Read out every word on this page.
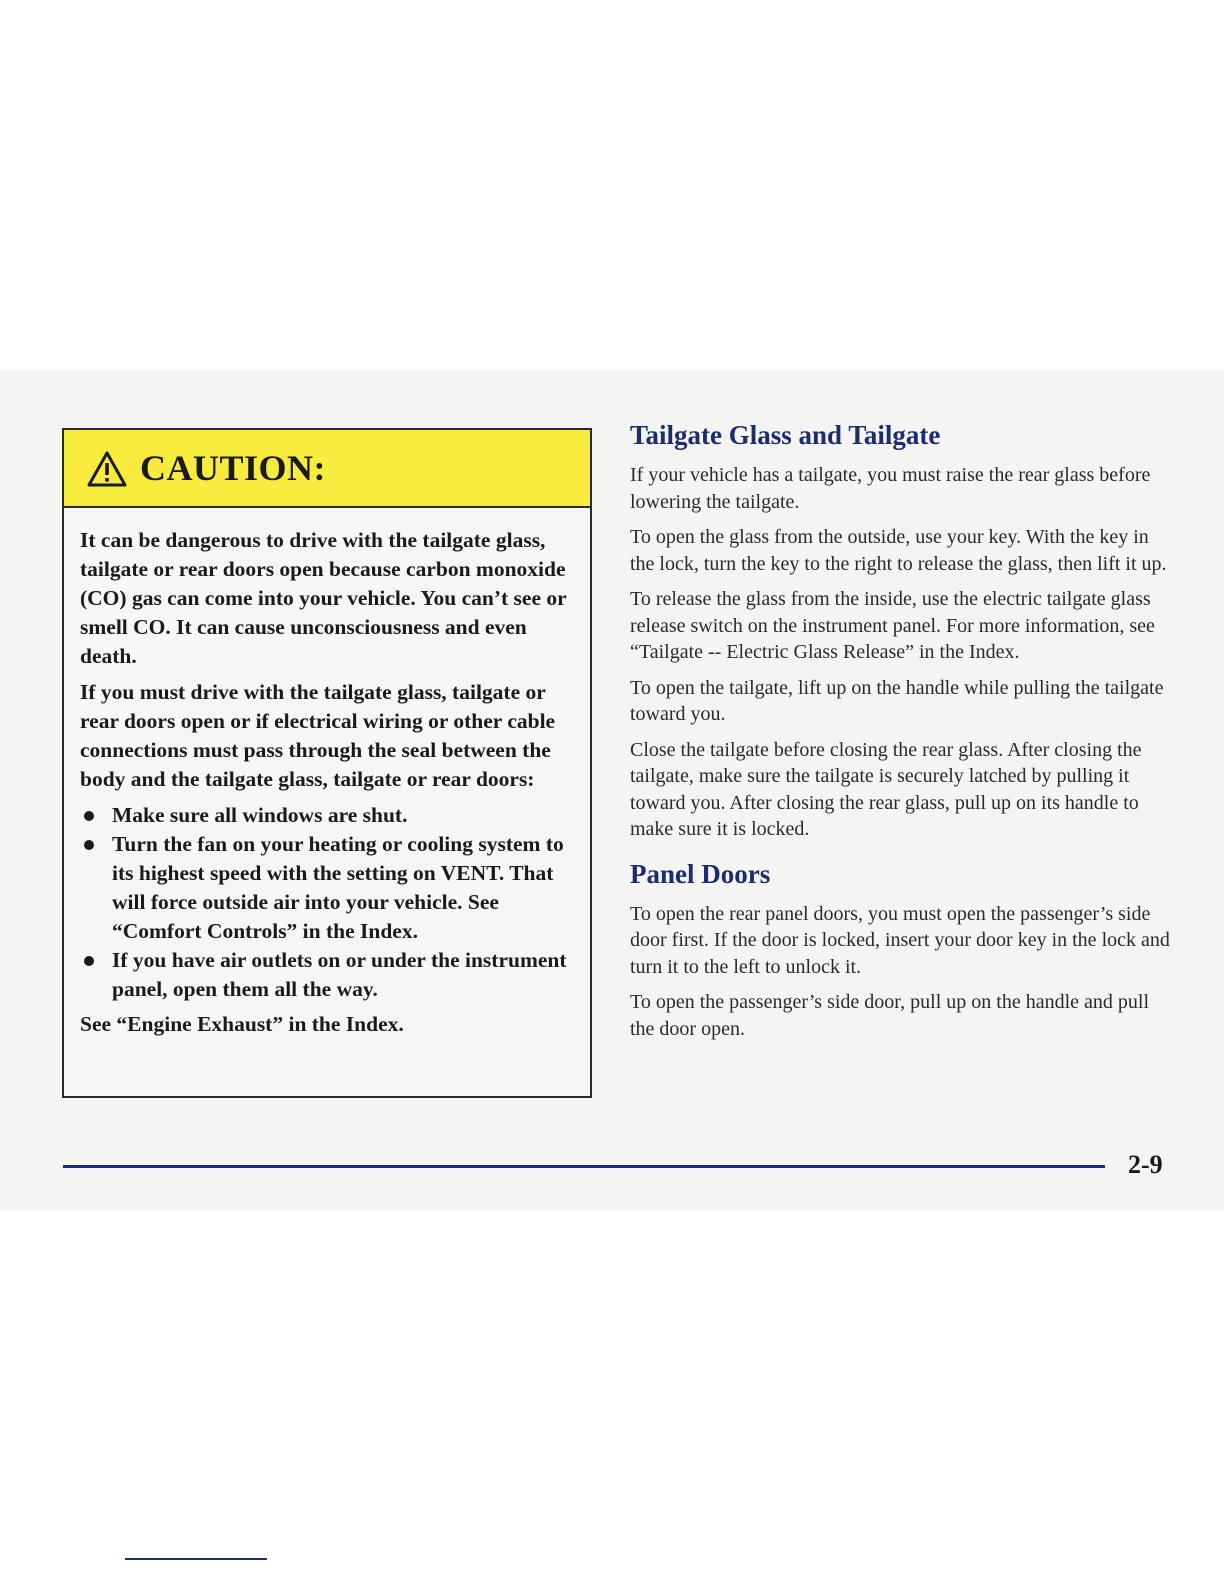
CAUTION:

It can be dangerous to drive with the tailgate glass, tailgate or rear doors open because carbon monoxide (CO) gas can come into your vehicle. You can’t see or smell CO. It can cause unconsciousness and even death.

If you must drive with the tailgate glass, tailgate or rear doors open or if electrical wiring or other cable connections must pass through the seal between the body and the tailgate glass, tailgate or rear doors:

Make sure all windows are shut.
Turn the fan on your heating or cooling system to its highest speed with the setting on VENT. That will force outside air into your vehicle. See “Comfort Controls” in the Index.
If you have air outlets on or under the instrument panel, open them all the way.

See “Engine Exhaust” in the Index.

Tailgate Glass and Tailgate

If your vehicle has a tailgate, you must raise the rear glass before lowering the tailgate.

To open the glass from the outside, use your key. With the key in the lock, turn the key to the right to release the glass, then lift it up.

To release the glass from the inside, use the electric tailgate glass release switch on the instrument panel. For more information, see “Tailgate -- Electric Glass Release” in the Index.

To open the tailgate, lift up on the handle while pulling the tailgate toward you.

Close the tailgate before closing the rear glass. After closing the tailgate, make sure the tailgate is securely latched by pulling it toward you. After closing the rear glass, pull up on its handle to make sure it is locked.

Panel Doors

To open the rear panel doors, you must open the passenger’s side door first. If the door is locked, insert your door key in the lock and turn it to the left to unlock it.

To open the passenger’s side door, pull up on the handle and pull the door open.

2-9
